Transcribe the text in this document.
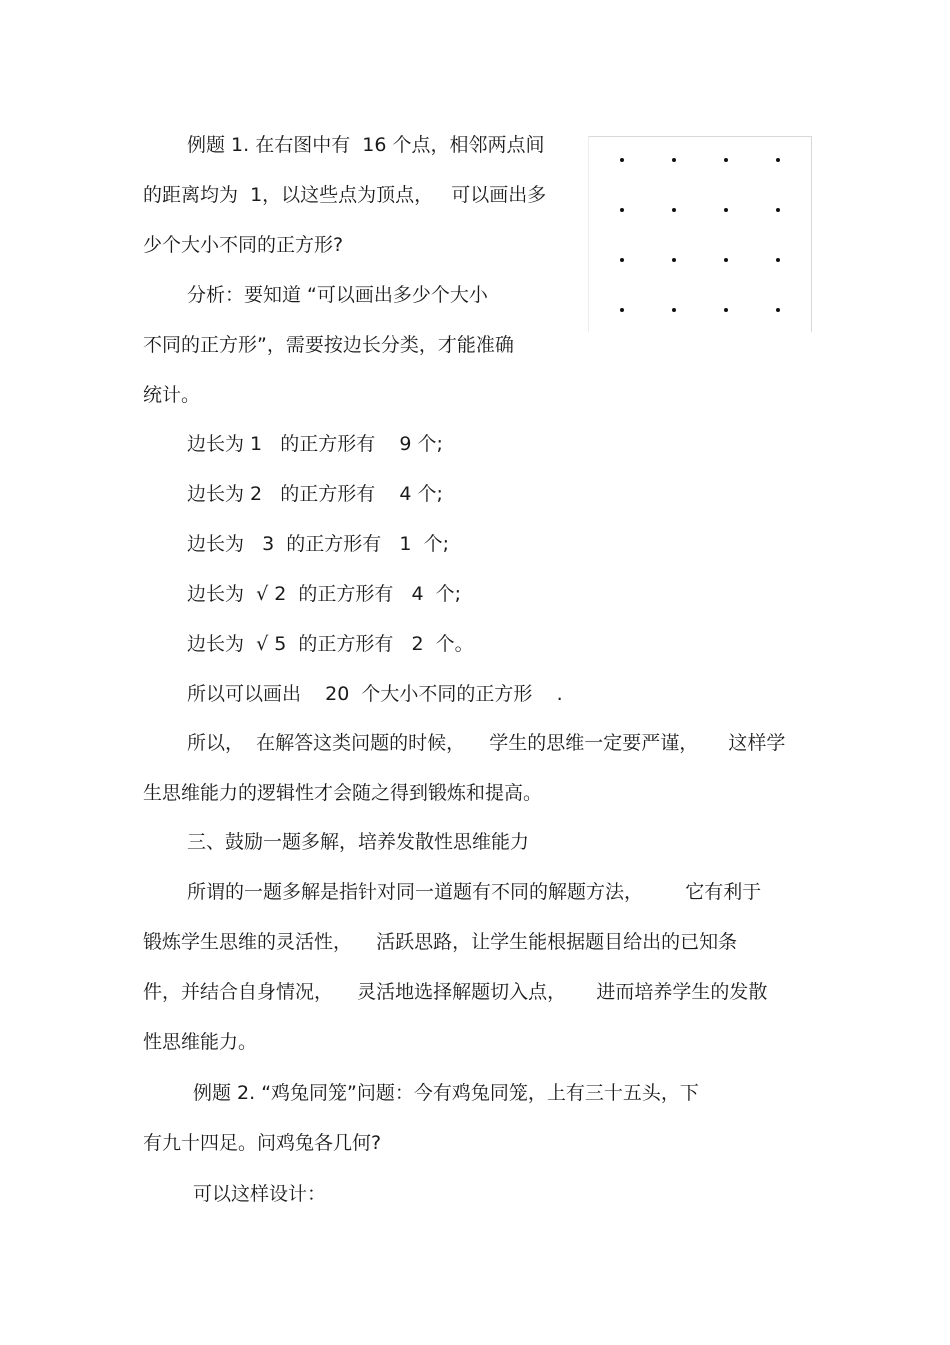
例题 1. 在右图中有  16 个点，相邻两点间
的距离均为  1，以这些点为顶点，   可以画出多
少个大小不同的正方形?
分析：要知道 “可以画出多少个大小
不同的正方形”，需要按边长分类，才能准确
统计。
边长为 1   的正方形有    9 个;
边长为 2   的正方形有    4 个;
边长为   3  的正方形有   1  个;
边长为  √ 2  的正方形有   4  个;
边长为  √ 5  的正方形有   2  个。
所以可以画出    20  个大小不同的正方形    .
所以，  在解答这类问题的时候，    学生的思维一定要严谨，     这样学
生思维能力的逻辑性才会随之得到锻炼和提高。
三、鼓励一题多解，培养发散性思维能力
所谓的一题多解是指针对同一道题有不同的解题方法，       它有利于
锻炼学生思维的灵活性，    活跃思路，让学生能根据题目给出的已知条
件，并结合自身情况，    灵活地选择解题切入点，     进而培养学生的发散
性思维能力。
例题 2. “鸡兔同笼”问题：今有鸡兔同笼，上有三十五头，下
有九十四足。问鸡兔各几何?
可以这样设计：
